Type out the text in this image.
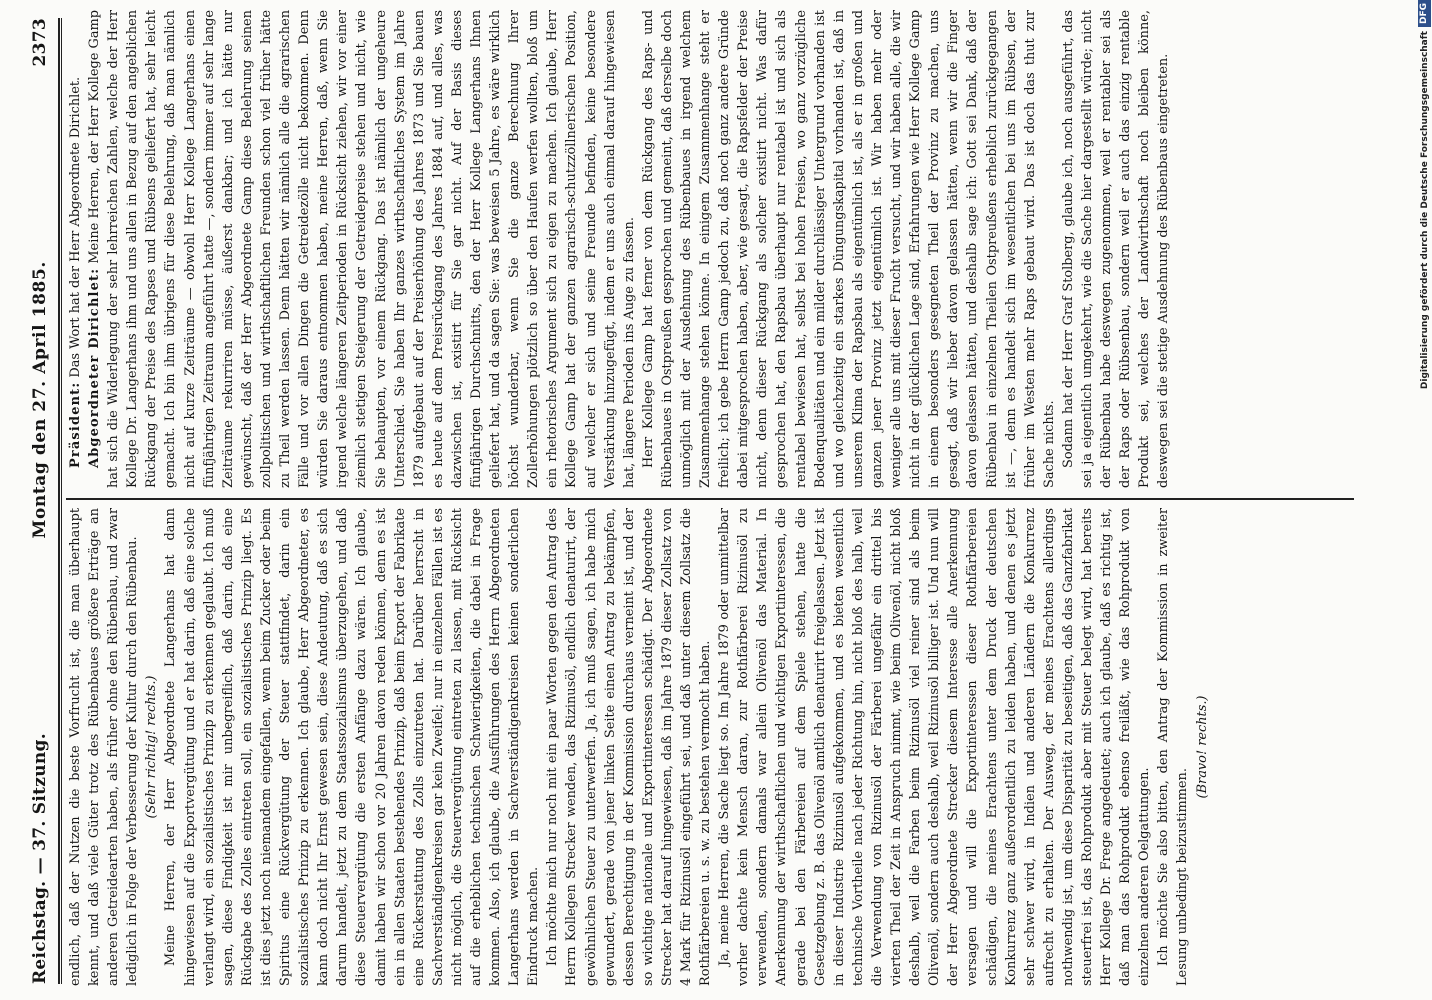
Reichstag. — 37. Sitzung.
Montag den 27. April 1885.
2373

endlich, daß der Nutzen die beste Vorfrucht ist, die man überhaupt kennt, und daß viele Güter trotz des Rübenbaues größere Erträge an anderen Getreidearten haben, als früher ohne den Rübenbau, und zwar lediglich in Folge der Verbesserung der Kultur durch den Rübenbau. (Sehr richtig! rechts.) Meine Herren, der Herr Abgeordnete Langerhans hat dann hingewiesen auf die Exportvergütung und er hat darin, daß eine solche verlangt wird, ein sozialistisches Prinzip zu erkennen geglaubt. Ich muß sagen, diese Findigkeit ist mir unbegreiflich, daß darin, daß eine Rückgabe des Zolles eintreten soll, ein sozialistisches Prinzip liegt. Es ist dies jetzt noch niemandem eingefallen, wenn beim Zucker oder beim Spiritus eine Rückvergütung der Steuer stattfindet, darin ein sozialistisches Prinzip zu erkennen. Ich glaube, Herr Abgeordneter, es kann doch nicht Ihr Ernst gewesen sein, diese Andeutung, daß es sich darum handelt, jetzt zu dem Staatssozialismus überzugehen, und daß diese Steuervergütung die ersten Anfänge dazu wären. Ich glaube, damit haben wir schon vor 20 Jahren davon reden können, denn es ist ein in allen Staaten bestehendes Prinzip, daß beim Export der Fabrikate eine Rückerstattung des Zolls einzutreten hat. Darüber herrscht in Sachverständigenkreisen gar kein Zweifel; nur in einzelnen Fällen ist es nicht möglich, die Steuervergütung eintreten zu lassen, mit Rücksicht auf die erheblichen technischen Schwierigkeiten, die dabei in Frage kommen. Also, ich glaube, die Ausführungen des Herrn Abgeordneten Langerhans werden in Sachverständigenkreisen keinen sonderlichen Eindruck machen. Ich möchte mich nur noch mit ein paar Worten gegen den Antrag des Herrn Kollegen Strecker wenden, das Rizinusöl, endlich denaturirt, der gewöhnlichen Steuer zu unterwerfen. Ja, ich muß sagen, ich habe mich gewundert, gerade von jener linken Seite einen Antrag zu bekämpfen, dessen Berechtigung in der Kommission durchaus verneint ist, und der so wichtige nationale und Exportinteressen schädigt. Der Abgeordnete Strecker hat darauf hingewiesen, daß im Jahre 1879 dieser Zollsatz von 4 Mark für Rizinusöl eingeführt sei, und daß unter diesem Zollsatz die Rothfärbereien u. s. w. zu bestehen vermocht haben. Ja, meine Herren, die Sache liegt so. Im Jahre 1879 oder unmittelbar vorher dachte kein Mensch daran, zur Rothfärberei Rizinusöl zu verwenden, sondern damals war allein Olivenöl das Material. In Anerkennung der wirthschaftlichen und wichtigen Exportinteressen, die gerade bei den Färbereien auf dem Spiele stehen, hatte die Gesetzgebung z. B. das Olivenöl amtlich denaturirt freigelassen. Jetzt ist in dieser Industrie Rizinusöl aufgekommen, und es bieten wesentlich technische Vortheile nach jeder Richtung hin, nicht bloß des halb, weil die Verwendung von Rizinusöl der Färberei ungefähr ein drittel bis vierten Theil der Zeit in Anspruch nimmt, wie beim Olivenöl, nicht bloß deshalb, weil die Farben beim Rizinusöl viel reiner sind als beim Olivenöl, sondern auch deshalb, weil Rizinusöl billiger ist. Und nun will der Herr Abgeordnete Strecker diesem Interesse alle Anerkennung versagen und will die Exportinteressen dieser Rothfärbereien schädigen, die meines Erachtens unter dem Druck der deutschen Konkurrenz ganz außerordentlich zu leiden haben, und denen es jetzt sehr schwer wird, in Indien und anderen Ländern die Konkurrenz aufrecht zu erhalten. Der Ausweg, der meines Erachtens allerdings nothwendig ist, um diese Disparität zu beseitigen, daß das Ganzfabrikat steuerfrei ist, das Rohprodukt aber mit Steuer belegt wird, hat bereits Herr Kollege Dr. Frege angedeutet; auch ich glaube, daß es richtig ist, daß man das Rohprodukt ebenso freiläßt, wie das Rohprodukt von einzelnen anderen Oelgattungen. Ich möchte Sie also bitten, den Antrag der Kommission in zweiter Lesung unbedingt beizustimmen.

(Bravo! rechts.)

Präsident: Das Wort hat der Herr Abgeordnete Dirichlet. Abgeordneter Dirichlet: Meine Herren, der Herr Kollege Gamp hat sich die Widerlegung der sehr lehrreichen Zahlen, welche der Herr Kollege Dr. Langerhans ihm und uns allen in Bezug auf den angeblichen Rückgang der Preise des Rapses und Rübsens geliefert hat, sehr leicht gemacht. Ich bin ihm übrigens für diese Belehrung, daß man nämlich nicht auf kurze Zeiträume — obwohl Herr Kollege Langerhans einen fünfjährigen Zeitraum angeführt hatte —, sondern immer auf sehr lange Zeiträume rekurriren müsse, äußerst dankbar; und ich hätte nur gewünscht, daß der Herr Abgeordnete Gamp diese Belehrung seinen zollpolitischen und wirthschaftlichen Freunden schon viel früher hätte zu Theil werden lassen. Denn hätten wir nämlich alle die agrarischen Fälle und vor allen Dingen die Getreidezölle nicht bekommen. Denn würden Sie daraus entnommen haben, meine Herren, daß, wenn Sie irgend welche längeren Zeitperioden in Rücksicht ziehen, wir vor einer ziemlich stetigen Steigerung der Getreidepreise stehen und nicht, wie Sie behaupten, vor einem Rückgang. Das ist nämlich der ungeheure Unterschied. Sie haben Ihr ganzes wirthschaftliches System im Jahre 1879 aufgebaut auf der Preiserhöhung des Jahres 1873 und Sie bauen es heute auf dem Preisrückgang des Jahres 1884 auf, und alles, was dazwischen ist, existirt für Sie gar nicht. Auf der Basis dieses fünfjährigen Durchschnitts, den der Herr Kollege Langerhans Ihnen geliefert hat, und da sagen Sie: was beweisen 5 Jahre, es wäre wirklich höchst wunderbar, wenn Sie die ganze Berechnung Ihrer Zollerhöhungen plötzlich so über den Haufen werfen wollten, bloß um ein rhetorisches Argument sich zu eigen zu machen. Ich glaube, Herr Kollege Gamp hat der ganzen agrarisch-schutzzöllnerischen Position, auf welcher er sich und seine Freunde befinden, keine besondere Verstärkung hinzugefügt, indem er uns auch einmal darauf hingewiesen hat, längere Perioden ins Auge zu fassen. Herr Kollege Gamp hat ferner von dem Rückgang des Raps- und Rübenbaues in Ostpreußen gesprochen und gemeint, daß derselbe doch unmöglich mit der Ausdehnung des Rübenbaues in irgend welchem Zusammenhange stehen könne. In einigem Zusammenhange steht er freilich; ich gebe Herrn Gamp jedoch zu, daß noch ganz andere Gründe dabei mitgesprochen haben, aber, wie gesagt, die Rapsfelder der Preise nicht, denn dieser Rückgang als solcher existirt nicht. Was dafür gesprochen hat, den Rapsbau überhaupt nur rentabel ist und sich als rentabel bewiesen hat, selbst bei hohen Preisen, wo ganz vorzügliche Bodenqualitäten und ein milder durchlässiger Untergrund vorhanden ist und wo gleichzeitig ein starkes Düngungskapital vorhanden ist, daß in unserem Klima der Rapsbau als eigentümlich ist, als er in großen und ganzen jener Provinz jetzt eigentümlich ist. Wir haben mehr oder weniger alle uns mit dieser Frucht versucht, und wir haben alle, die wir nicht in der glücklichen Lage sind, Erfahrungen wie Herr Kollege Gamp in einem besonders gesegneten Theil der Provinz zu machen, uns gesagt, daß wir lieber davon gelassen hätten, wenn wir die Finger davon gelassen hätten, und deshalb sage ich: Gott sei Dank, daß der Rübenbau in einzelnen Theilen Ostpreußens erheblich zurückgegangen ist —, denn es handelt sich im wesentlichen bei uns im Rübsen, der früher im Westen mehr Raps gebaut wird. Das ist doch das thut zur Sache nichts. Sodann hat der Herr Graf Stolberg, glaube ich, noch ausgeführt, das sei ja eigentlich umgekehrt, wie die Sache hier dargestellt würde; nicht der Rübenbau habe deswegen zugenommen, weil er rentabler sei als der Raps oder Rübsenbau, sondern weil er auch das einzig rentable Produkt sei, welches der Landwirthschaft noch bleiben könne, deswegen sei die stetige Ausdehnung des Rübenbaus eingetreten.	Digitalisierung gefördert durch die Deutsche Forschungsgemeinschaft
DFG
